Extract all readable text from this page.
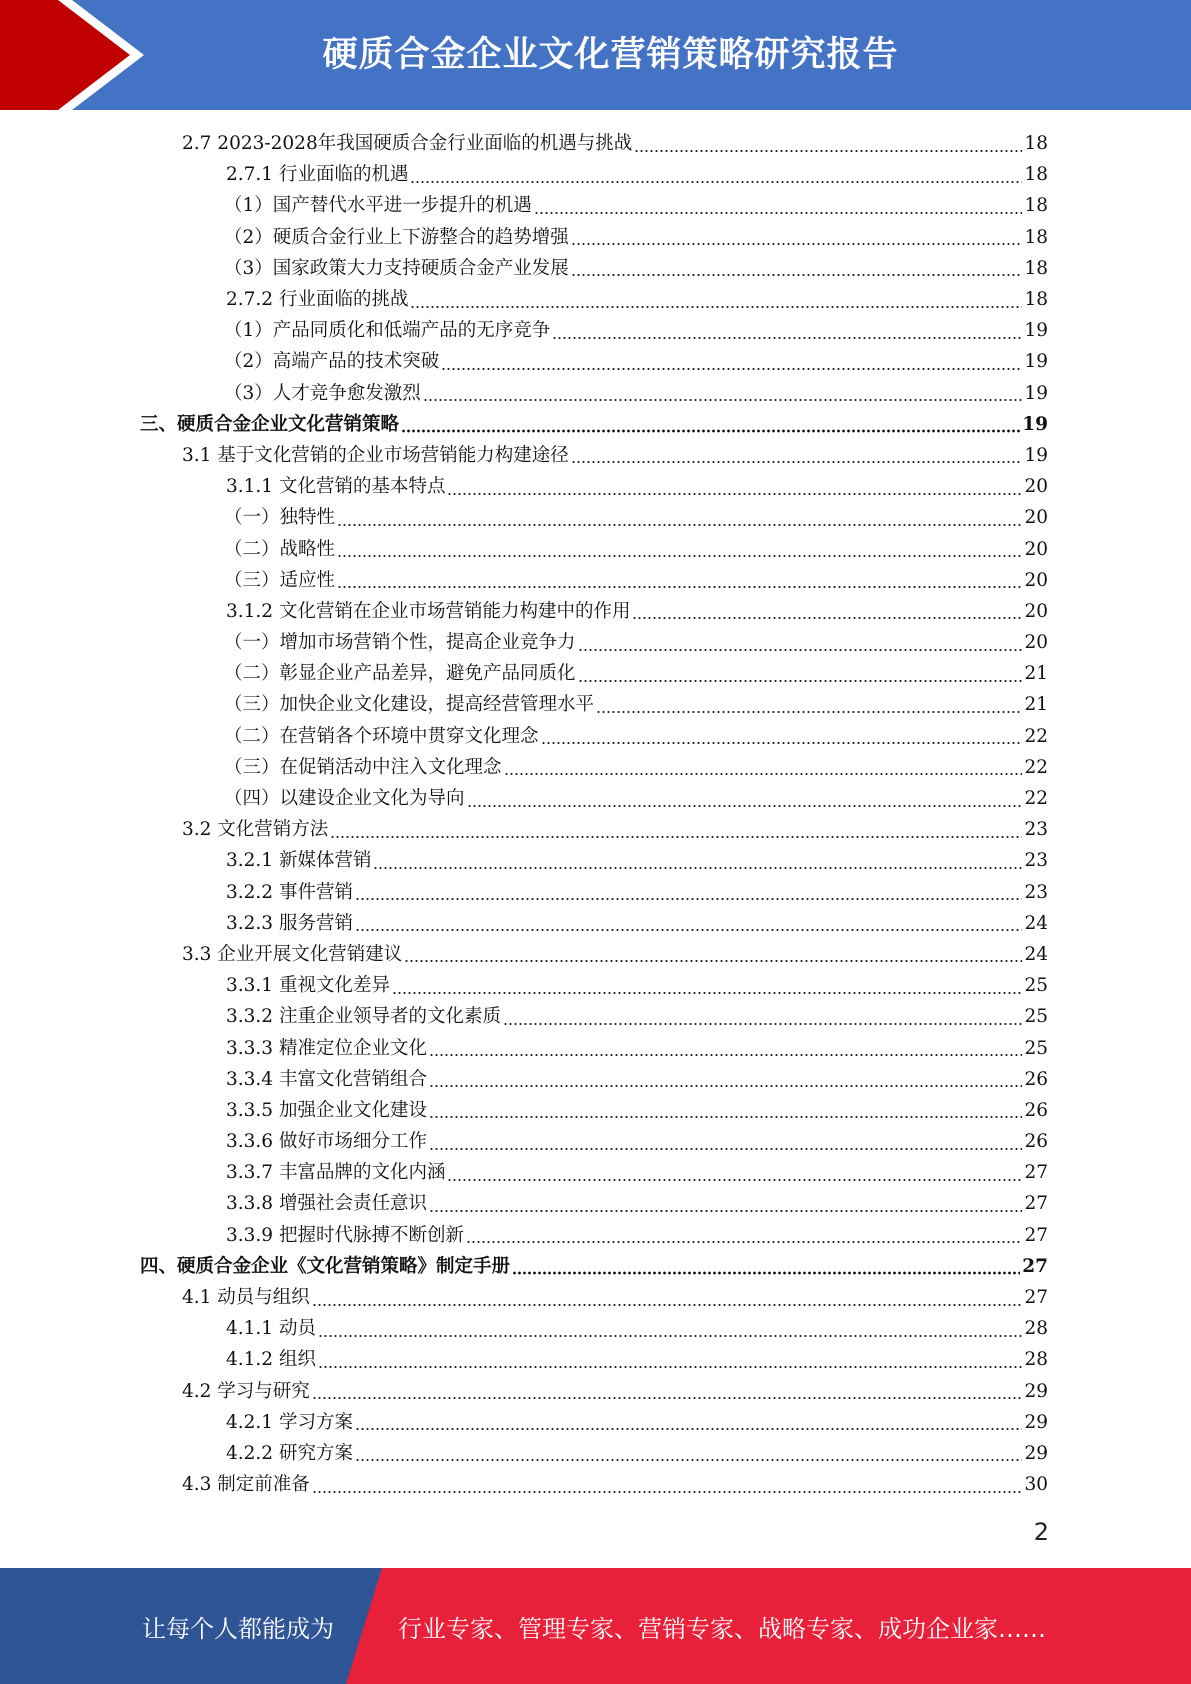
硬质合金企业文化营销策略研究报告
2.7 2023-2028年我国硬质合金行业面临的机遇与挑战	18
2.7.1 行业面临的机遇	18
（1）国产替代水平进一步提升的机遇	18
（2）硬质合金行业上下游整合的趋势增强	18
（3）国家政策大力支持硬质合金产业发展	18
2.7.2 行业面临的挑战	18
（1）产品同质化和低端产品的无序竞争	19
（2）高端产品的技术突破	19
（3）人才竞争愈发激烈	19
三、硬质合金企业文化营销策略	19
3.1 基于文化营销的企业市场营销能力构建途径	19
3.1.1 文化营销的基本特点	20
（一）独特性	20
（二）战略性	20
（三）适应性	20
3.1.2 文化营销在企业市场营销能力构建中的作用	20
（一）增加市场营销个性，提高企业竞争力	20
（二）彰显企业产品差异，避免产品同质化	21
（三）加快企业文化建设，提高经营管理水平	21
（二）在营销各个环境中贯穿文化理念	22
（三）在促销活动中注入文化理念	22
（四）以建设企业文化为导向	22
3.2 文化营销方法	23
3.2.1 新媒体营销	23
3.2.2 事件营销	23
3.2.3 服务营销	24
3.3 企业开展文化营销建议	24
3.3.1 重视文化差异	25
3.3.2 注重企业领导者的文化素质	25
3.3.3 精准定位企业文化	25
3.3.4 丰富文化营销组合	26
3.3.5 加强企业文化建设	26
3.3.6 做好市场细分工作	26
3.3.7 丰富品牌的文化内涵	27
3.3.8 增强社会责任意识	27
3.3.9 把握时代脉搏不断创新	27
四、硬质合金企业《文化营销策略》制定手册	27
4.1 动员与组织	27
4.1.1 动员	28
4.1.2 组织	28
4.2 学习与研究	29
4.2.1 学习方案	29
4.2.2 研究方案	29
4.3 制定前准备	30
2
让每个人都能成为	行业专家、管理专家、营销专家、战略专家、成功企业家……
